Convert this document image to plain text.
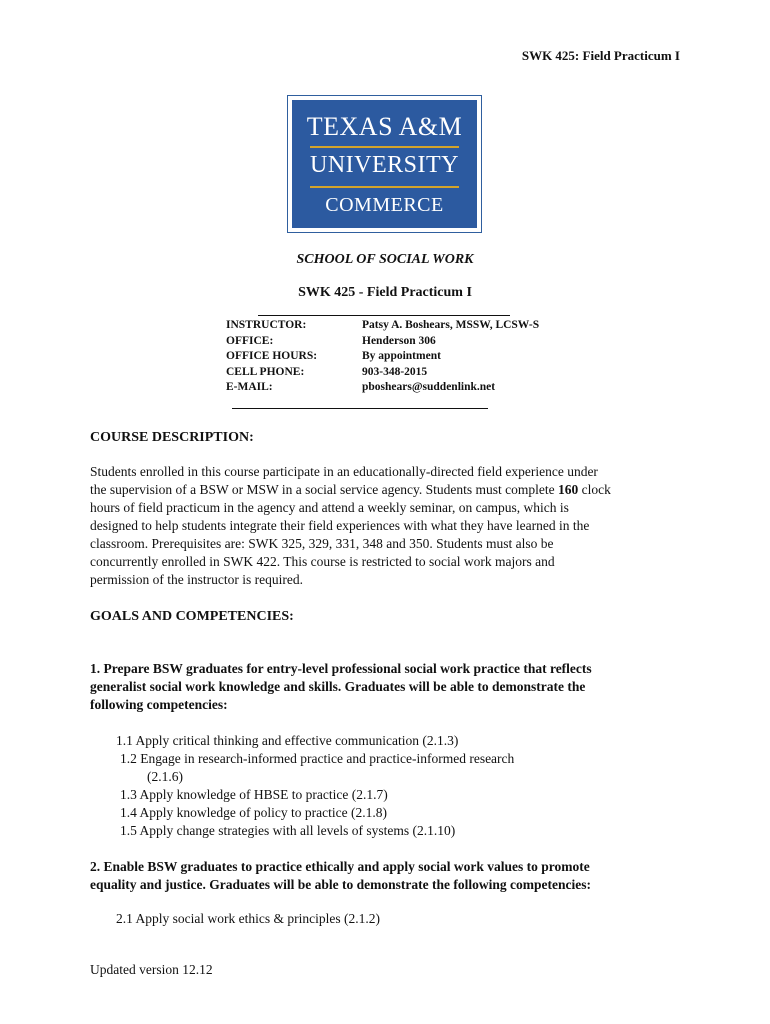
SWK 425: Field Practicum I
TEXAS A&M
UNIVERSITY
COMMERCE
SCHOOL OF SOCIAL WORK
SWK 425 - Field Practicum I
INSTRUCTOR:
OFFICE:
OFFICE HOURS:
CELL PHONE:
E-MAIL:
Patsy A. Boshears, MSSW, LCSW-S
Henderson 306
By appointment
903-348-2015
pboshears@suddenlink.net
COURSE DESCRIPTION:
Students enrolled in this course participate in an educationally-directed field experience under
the supervision of a BSW or MSW in a social service agency. Students must complete 160 clock
hours of field practicum in the agency and attend a weekly seminar, on campus, which is
designed to help students integrate their field experiences with what they have learned in the
classroom. Prerequisites are: SWK 325, 329, 331, 348 and 350. Students must also be
concurrently enrolled in SWK 422. This course is restricted to social work majors and
permission of the instructor is required.
GOALS AND COMPETENCIES:
1. Prepare BSW graduates for entry-level professional social work practice that reflects
generalist social work knowledge and skills. Graduates will be able to demonstrate the
following competencies:
1.1 Apply critical thinking and effective communication (2.1.3)
1.2 Engage in research-informed practice and practice-informed research
(2.1.6)
1.3 Apply knowledge of HBSE to practice (2.1.7)
1.4 Apply knowledge of policy to practice (2.1.8)
1.5 Apply change strategies with all levels of systems (2.1.10)
2. Enable BSW graduates to practice ethically and apply social work values to promote
equality and justice. Graduates will be able to demonstrate the following competencies:
2.1 Apply social work ethics & principles (2.1.2)
Updated version 12.12
